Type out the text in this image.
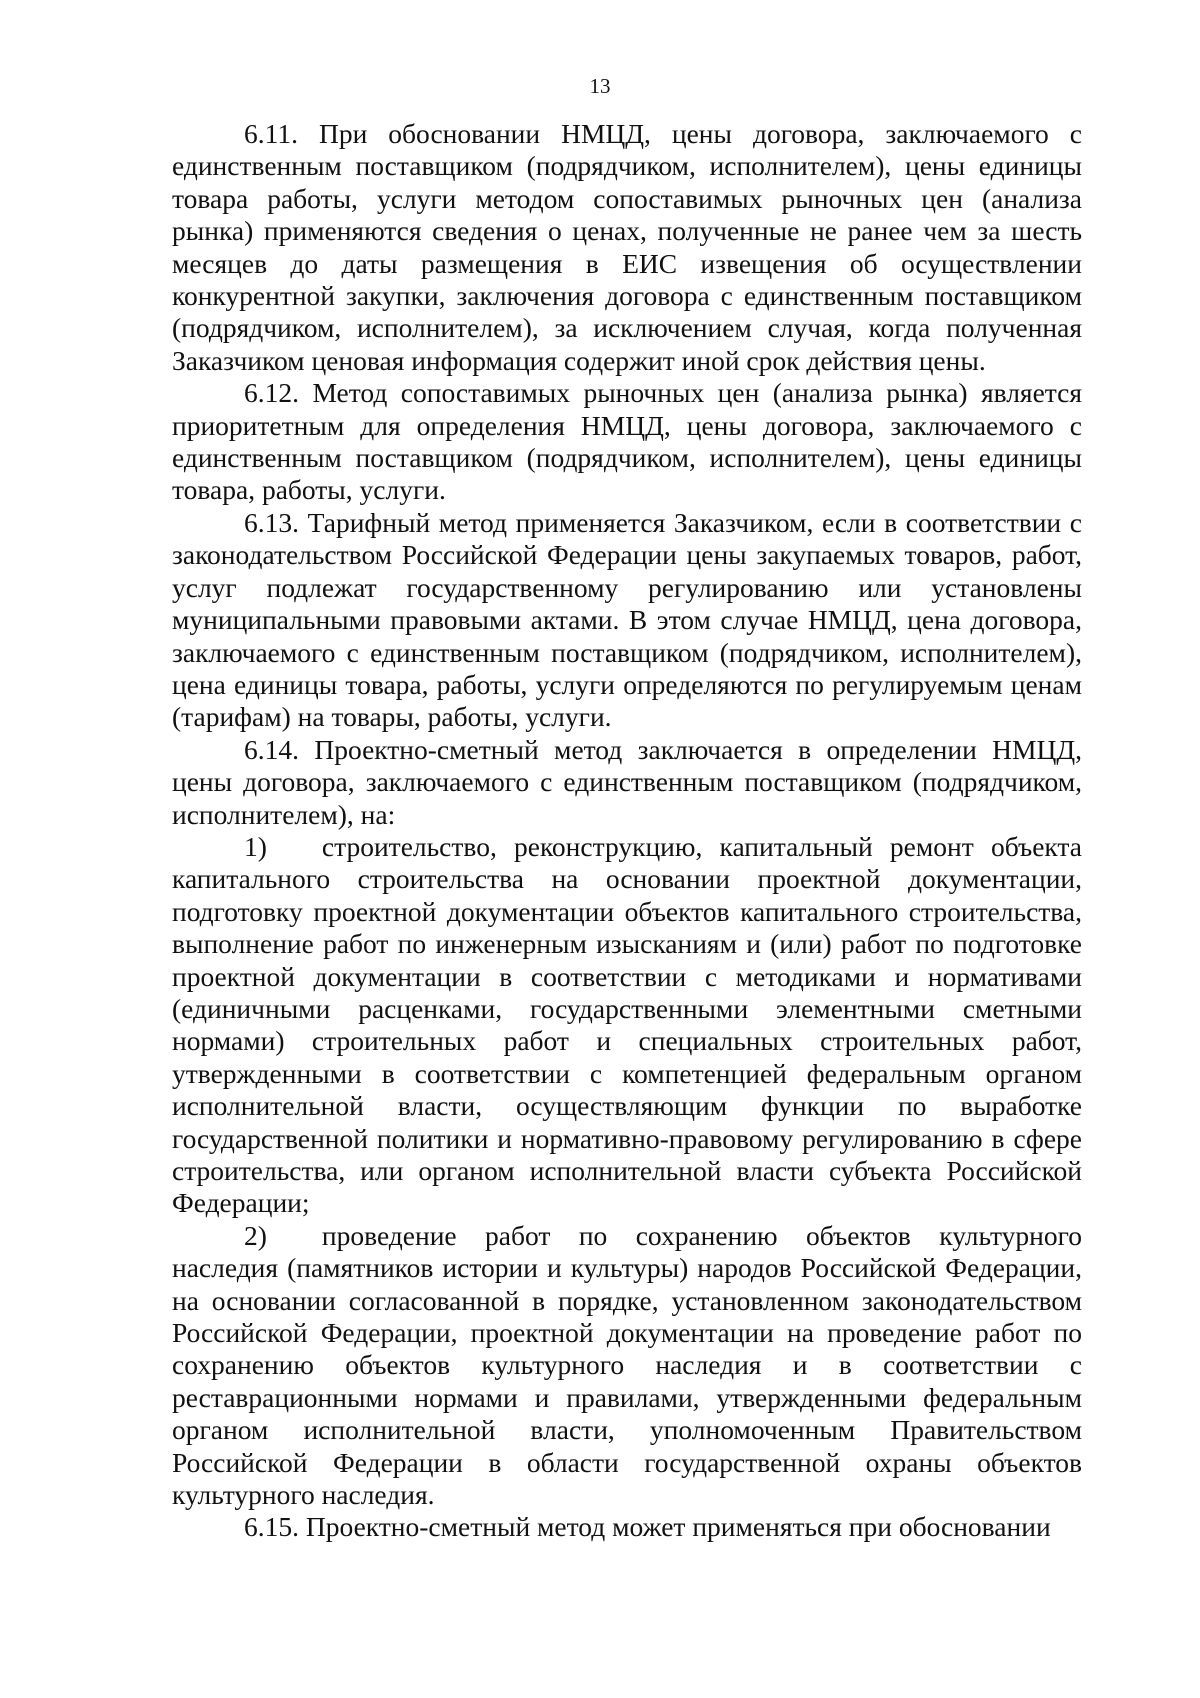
13

6.11. При обосновании НМЦД, цены договора, заключаемого с единственным поставщиком (подрядчиком, исполнителем), цены единицы товара работы, услуги методом сопоставимых рыночных цен (анализа рынка) применяются сведения о ценах, полученные не ранее чем за шесть месяцев до даты размещения в ЕИС извещения об осуществлении конкурентной закупки, заключения договора с единственным поставщиком (подрядчиком, исполнителем), за исключением случая, когда полученная Заказчиком ценовая информация содержит иной срок действия цены.

6.12. Метод сопоставимых рыночных цен (анализа рынка) является приоритетным для определения НМЦД, цены договора, заключаемого с единственным поставщиком (подрядчиком, исполнителем), цены единицы товара, работы, услуги.

6.13. Тарифный метод применяется Заказчиком, если в соответствии с законодательством Российской Федерации цены закупаемых товаров, работ, услуг подлежат государственному регулированию или установлены муниципальными правовыми актами. В этом случае НМЦД, цена договора, заключаемого с единственным поставщиком (подрядчиком, исполнителем), цена единицы товара, работы, услуги определяются по регулируемым ценам (тарифам) на товары, работы, услуги.

6.14. Проектно-сметный метод заключается в определении НМЦД, цены договора, заключаемого с единственным поставщиком (подрядчиком, исполнителем), на:

1)  строительство, реконструкцию, капитальный ремонт объекта капитального строительства на основании проектной документации, подготовку проектной документации объектов капитального строительства, выполнение работ по инженерным изысканиям и (или) работ по подготовке проектной документации в соответствии с методиками и нормативами (единичными расценками, государственными элементными сметными нормами) строительных работ и специальных строительных работ, утвержденными в соответствии с компетенцией федеральным органом исполнительной власти, осуществляющим функции по выработке государственной политики и нормативно-правовому регулированию в сфере строительства, или органом исполнительной власти субъекта Российской Федерации;

2)  проведение работ по сохранению объектов культурного наследия (памятников истории и культуры) народов Российской Федерации, на основании согласованной в порядке, установленном законодательством Российской Федерации, проектной документации на проведение работ по сохранению объектов культурного наследия и в соответствии с реставрационными нормами и правилами, утвержденными федеральным органом исполнительной власти, уполномоченным Правительством Российской Федерации в области государственной охраны объектов культурного наследия.

6.15. Проектно-сметный метод может применяться при обосновании
